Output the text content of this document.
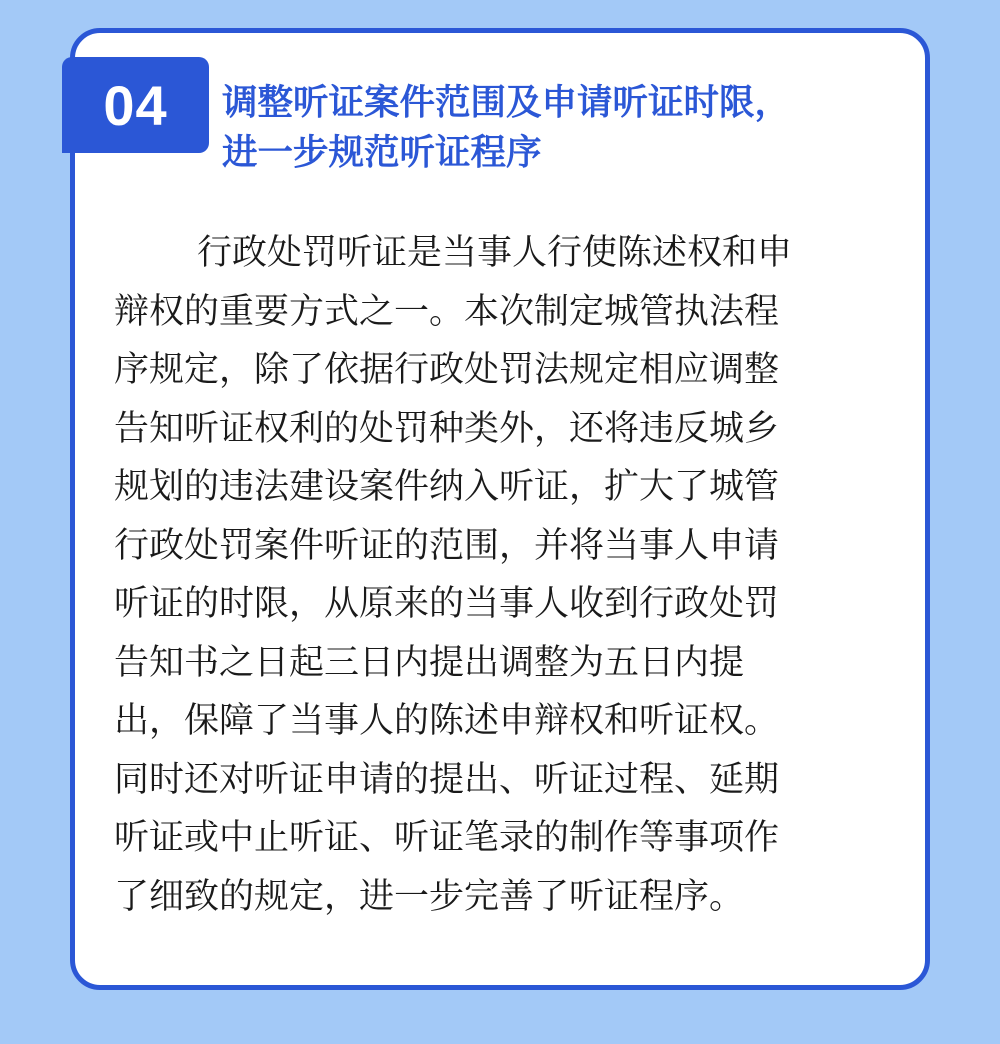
04	调整听证案件范围及申请听证时限，
进一步规范听证程序
行政处罚听证是当事人行使陈述权和申
辩权的重要方式之一。本次制定城管执法程
序规定，除了依据行政处罚法规定相应调整
告知听证权利的处罚种类外，还将违反城乡
规划的违法建设案件纳入听证，扩大了城管
行政处罚案件听证的范围，并将当事人申请
听证的时限，从原来的当事人收到行政处罚
告知书之日起三日内提出调整为五日内提
出，保障了当事人的陈述申辩权和听证权。
同时还对听证申请的提出、听证过程、延期
听证或中止听证、听证笔录的制作等事项作
了细致的规定，进一步完善了听证程序。
